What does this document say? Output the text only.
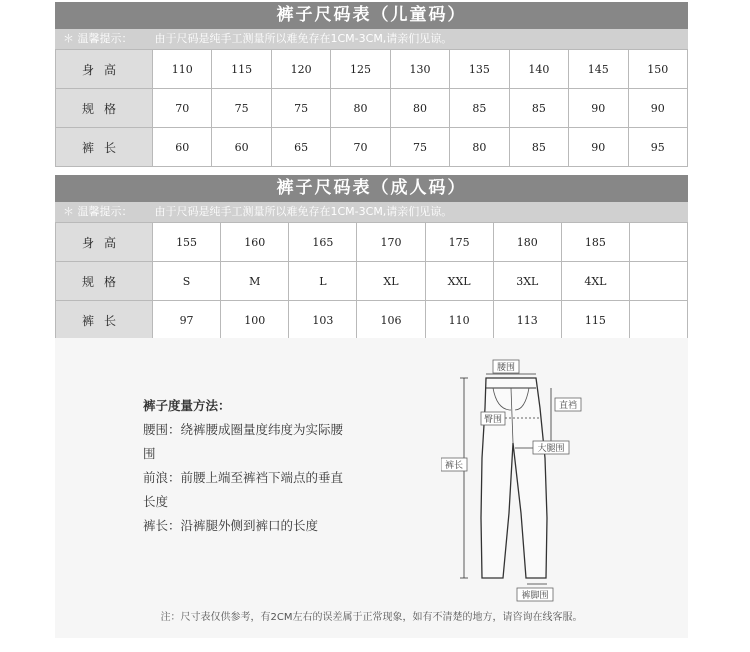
裤子尺码表（儿童码）
＊ 温馨提示： 由于尺码是纯手工测量所以难免存在1CM-3CM,请亲们见谅。
身高	110	115	120	125	130	135	140	145	150
规格	70	75	75	80	80	85	85	90	90
裤长	60	60	65	70	75	80	85	90	95
裤子尺码表（成人码）
＊ 温馨提示： 由于尺码是纯手工测量所以难免存在1CM-3CM,请亲们见谅。
身高	155	160	165	170	175	180	185	
规格	S	M	L	XL	XXL	3XL	4XL	
裤长	97	100	103	106	110	113	115	
裤子度量方法：
腰围：绕裤腰成圈量度纬度为实际腰围
前浪：前腰上端至裤裆下端点的垂直长度
裤长：沿裤腿外侧到裤口的长度
腰围
臀围
直裆
大腿围
裤长
裤脚围
注：尺寸表仅供参考，有2CM左右的误差属于正常现象，如有不清楚的地方，请咨询在线客服。
